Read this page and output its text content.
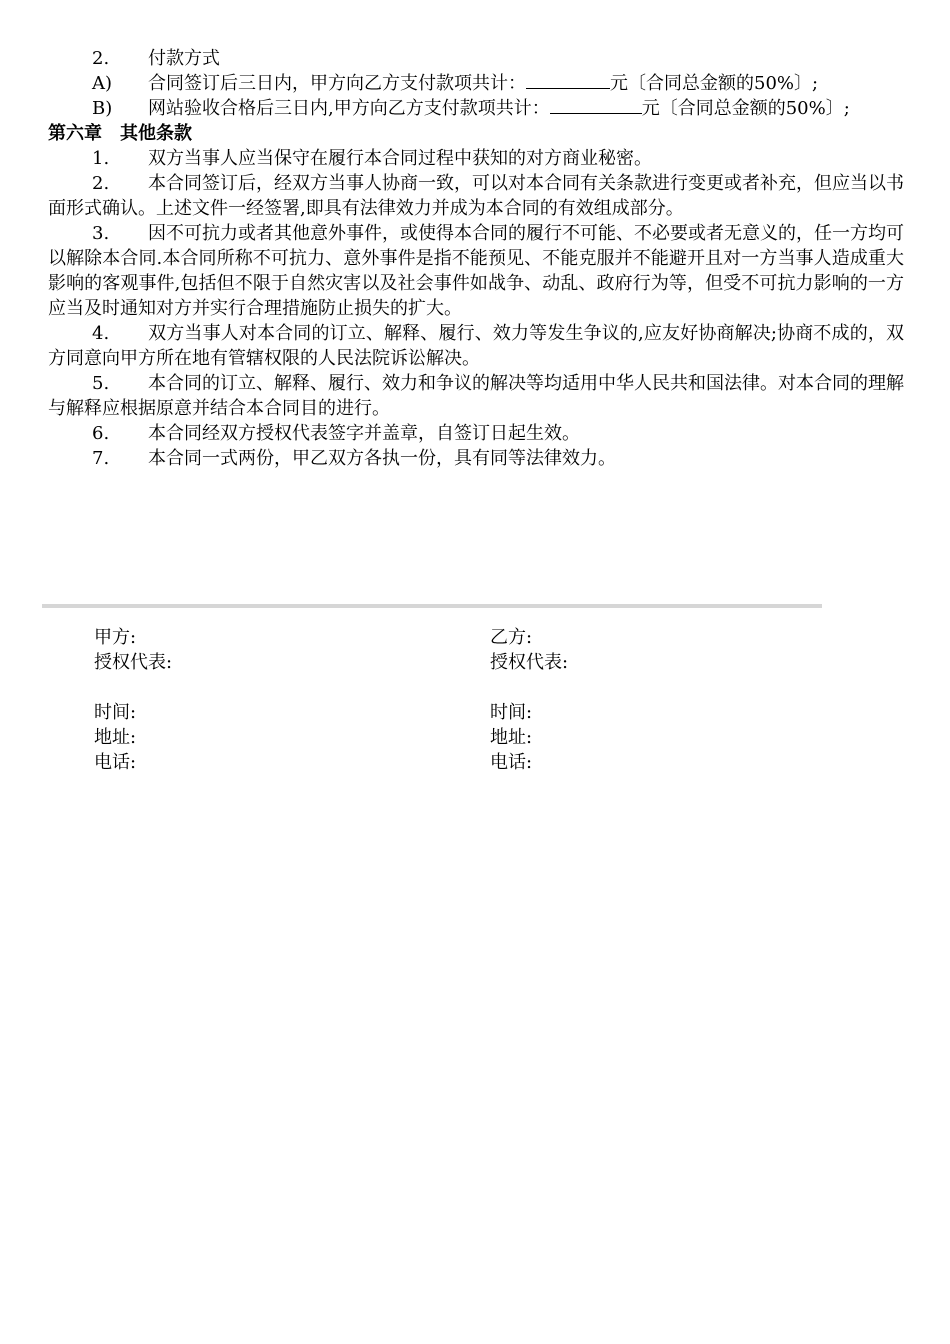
2. 付款方式
A) 合同签订后三日内，甲方向乙方支付款项共计：	元〔合同总金额的50%〕;
B) 网站验收合格后三日内,甲方向乙方支付款项共计：	元〔合同总金额的50%〕;
第六章　其他条款
1. 双方当事人应当保守在履行本合同过程中获知的对方商业秘密。
2. 本合同签订后，经双方当事人协商一致，可以对本合同有关条款进行变更或者补充，但应当以书面形式确认。上述文件一经签署,即具有法律效力并成为本合同的有效组成部分。
3. 因不可抗力或者其他意外事件，或使得本合同的履行不可能、不必要或者无意义的，任一方均可以解除本合同.本合同所称不可抗力、意外事件是指不能预见、不能克服并不能避开且对一方当事人造成重大影响的客观事件,包括但不限于自然灾害以及社会事件如战争、动乱、政府行为等，但受不可抗力影响的一方应当及时通知对方并实行合理措施防止损失的扩大。
4. 双方当事人对本合同的订立、解释、履行、效力等发生争议的,应友好协商解决;协商不成的，双方同意向甲方所在地有管辖权限的人民法院诉讼解决。
5. 本合同的订立、解释、履行、效力和争议的解决等均适用中华人民共和国法律。对本合同的理解与解释应根据原意并结合本合同目的进行。
6. 本合同经双方授权代表签字并盖章，自签订日起生效。
7. 本合同一式两份，甲乙双方各执一份，具有同等法律效力。
甲方:
授权代表:
时间:
地址:
电话:
乙方:
授权代表:
时间:
地址:
电话:
